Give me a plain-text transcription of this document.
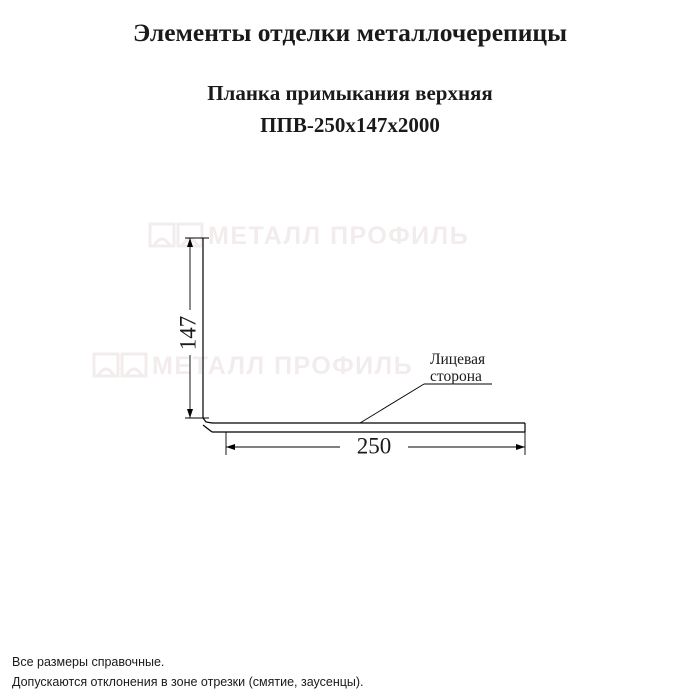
Элементы отделки металлочерепицы
Планка примыкания верхняя
ППВ-250x147x2000
МЕТАЛЛ ПРОФИЛЬ
МЕТАЛЛ ПРОФИЛЬ
147
250
Лицевая
сторона
Все размеры справочные.
Допускаются отклонения в зоне отрезки (смятие, заусенцы).
